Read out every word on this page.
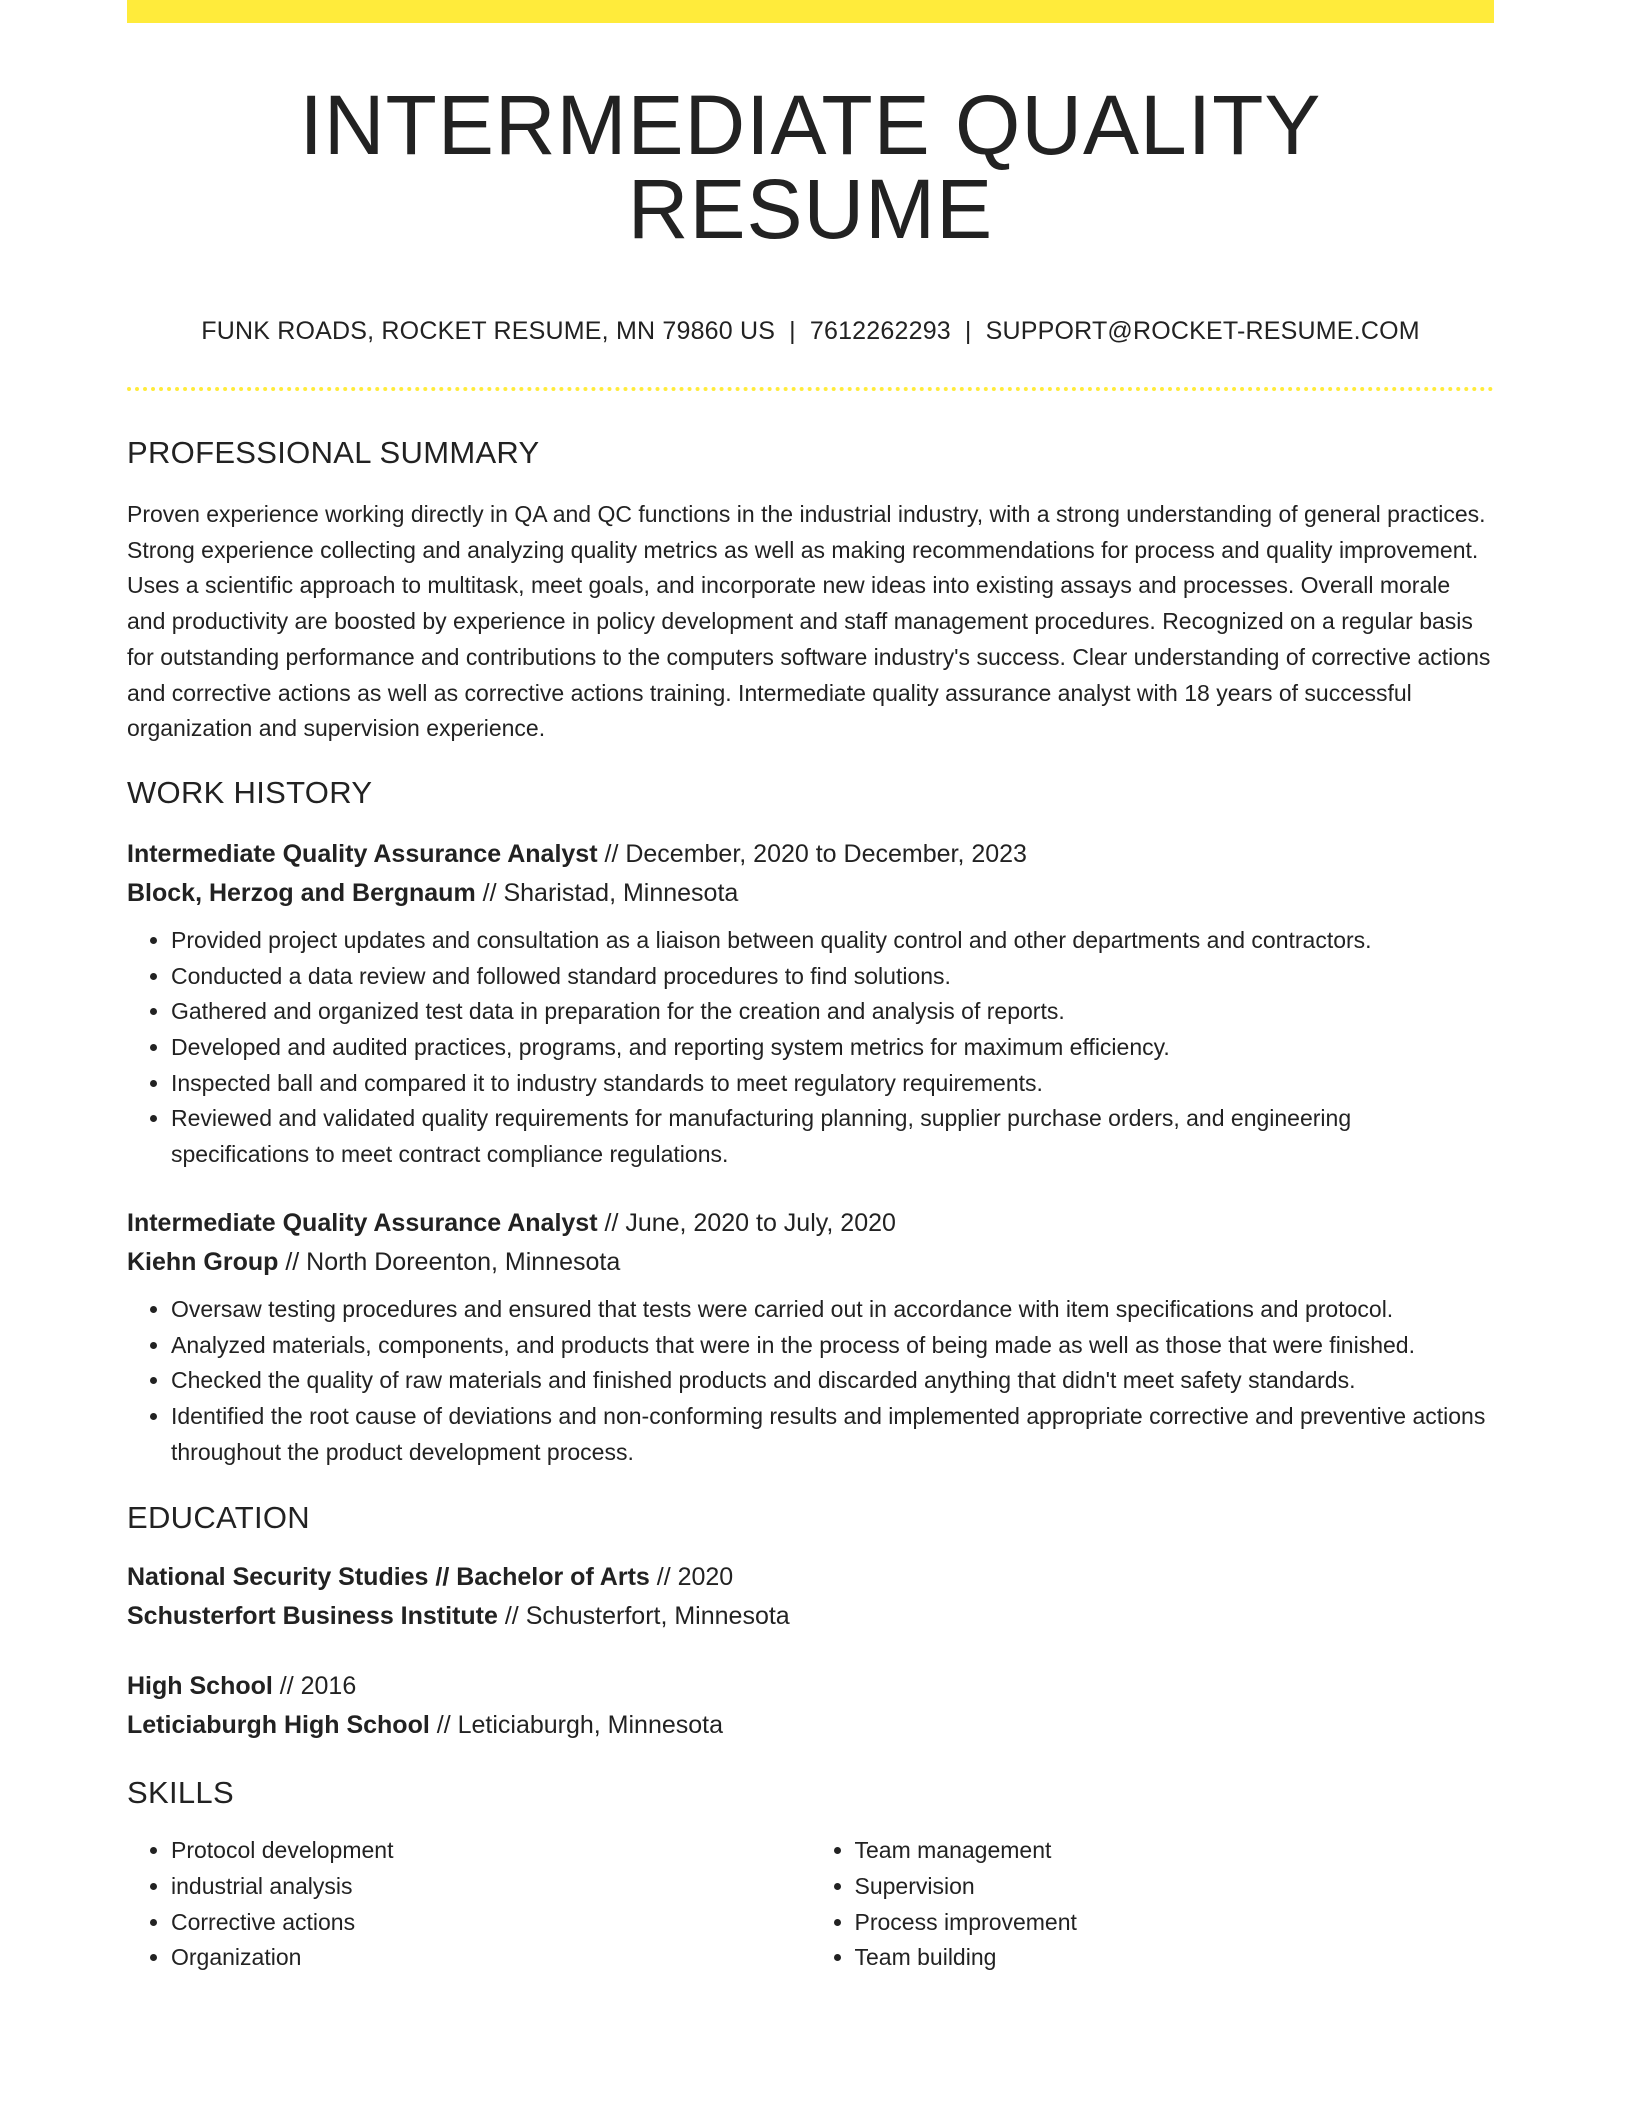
INTERMEDIATE QUALITY RESUME
FUNK ROADS, ROCKET RESUME, MN 79860 US | 7612262293 | SUPPORT@ROCKET-RESUME.COM
PROFESSIONAL SUMMARY

Proven experience working directly in QA and QC functions in the industrial industry, with a strong understanding of general practices. Strong experience collecting and analyzing quality metrics as well as making recommendations for process and quality improvement. Uses a scientific approach to multitask, meet goals, and incorporate new ideas into existing assays and processes. Overall morale and productivity are boosted by experience in policy development and staff management procedures. Recognized on a regular basis for outstanding performance and contributions to the computers software industry's success. Clear understanding of corrective actions and corrective actions as well as corrective actions training. Intermediate quality assurance analyst with 18 years of successful organization and supervision experience.

WORK HISTORY
Intermediate Quality Assurance Analyst // December, 2020 to December, 2023
Block, Herzog and Bergnaum // Sharistad, Minnesota
• Provided project updates and consultation as a liaison between quality control and other departments and contractors.
• Conducted a data review and followed standard procedures to find solutions.
• Gathered and organized test data in preparation for the creation and analysis of reports.
• Developed and audited practices, programs, and reporting system metrics for maximum efficiency.
• Inspected ball and compared it to industry standards to meet regulatory requirements.
• Reviewed and validated quality requirements for manufacturing planning, supplier purchase orders, and engineering specifications to meet contract compliance regulations.
Intermediate Quality Assurance Analyst // June, 2020 to July, 2020
Kiehn Group // North Doreenton, Minnesota
• Oversaw testing procedures and ensured that tests were carried out in accordance with item specifications and protocol.
• Analyzed materials, components, and products that were in the process of being made as well as those that were finished.
• Checked the quality of raw materials and finished products and discarded anything that didn't meet safety standards.
• Identified the root cause of deviations and non-conforming results and implemented appropriate corrective and preventive actions throughout the product development process.
EDUCATION
National Security Studies // Bachelor of Arts // 2020
Schusterfort Business Institute // Schusterfort, Minnesota
High School // 2016
Leticiaburgh High School // Leticiaburgh, Minnesota
SKILLS
• Protocol development
• industrial analysis
• Corrective actions
• Organization
• Team management
• Supervision
• Process improvement
• Team building
